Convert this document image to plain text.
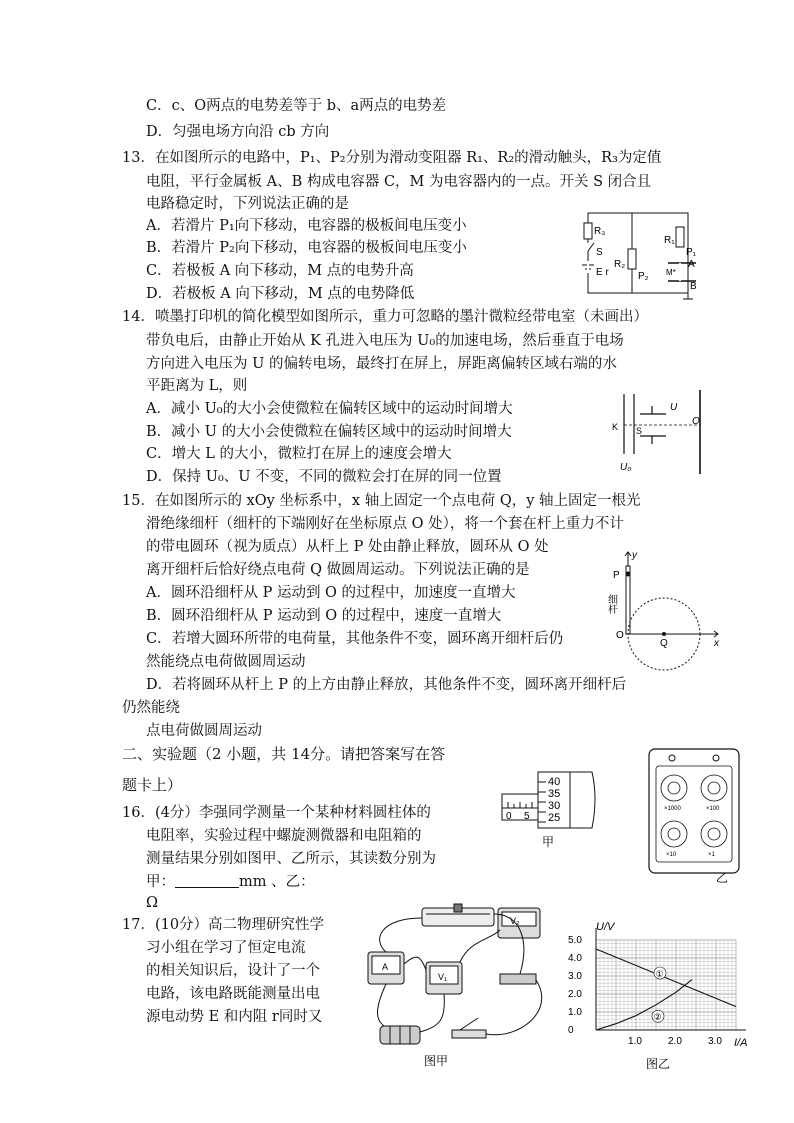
C．c、O两点的电势差等于 b、a两点的电势差
D．匀强电场方向沿 cb 方向
13．在如图所示的电路中，P₁、P₂分别为滑动变阻器 R₁、R₂的滑动触头，R₃为定值
电阻，平行金属板 A、B 构成电容器 C，M 为电容器内的一点。开关 S 闭合且
电路稳定时，下列说法正确的是
A．若滑片 P₁向下移动，电容器的极板间电压变小
B．若滑片 P₂向下移动，电容器的极板间电压变小
C．若极板 A 向下移动，M 点的电势升高
D．若极板 A 向下移动，M 点的电势降低
R₃
R₂
P₂
R₁
P₁
S
E r
A
M*
B
14．喷墨打印机的简化模型如图所示，重力可忽略的墨汁微粒经带电室（未画出）
带负电后，由静止开始从 K 孔进入电压为 U₀的加速电场，然后垂直于电场
方向进入电压为 U 的偏转电场，最终打在屏上，屏距离偏转区域右端的水
平距离为 L，则
A．减小 U₀的大小会使微粒在偏转区域中的运动时间增大
B．减小 U 的大小会使微粒在偏转区域中的运动时间增大
C．增大 L 的大小，微粒打在屏上的速度会增大
D．保持 U₀、U 不变，不同的微粒会打在屏的同一位置
U
K S
O
U₀
15．在如图所示的 xOy 坐标系中，x 轴上固定一个点电荷 Q，y 轴上固定一根光
滑绝缘细杆（细杆的下端刚好在坐标原点 O 处），将一个套在杆上重力不计
的带电圆环（视为质点）从杆上 P 处由静止释放，圆环从 O 处
离开细杆后恰好绕点电荷 Q 做圆周运动。下列说法正确的是
A．圆环沿细杆从 P 运动到 O 的过程中，加速度一直增大
B．圆环沿细杆从 P 运动到 O 的过程中，速度一直增大
C．若增大圆环所带的电荷量，其他条件不变，圆环离开细杆后仍
然能绕点电荷做圆周运动
D．若将圆环从杆上 P 的上方由静止释放，其他条件不变，圆环离开细杆后
仍然能绕
点电荷做圆周运动
y
P
细杆
O
Q	x
二、实验题（2 小题，共 14分。请把答案写在答
题卡上）
16．(4分）李强同学测量一个某种材料圆柱体的
电阻率，实验过程中螺旋测微器和电阻箱的
测量结果分别如图甲、乙所示，其读数分别为
甲：	mm 、乙：
Ω
40
35
30
25
0 5
甲
×1000	×100
×10	×1
乙
17．(10分）高二物理研究性学
习小组在学习了恒定电流
的相关知识后，设计了一个
电路，该电路既能测量出电
源电动势 E 和内阻 r同时又
A
V₁
V₂
图甲
①
②
1.0	2.0	3.0
0
1.0
2.0
3.0
4.0
5.0
U/V
I/A
图乙
